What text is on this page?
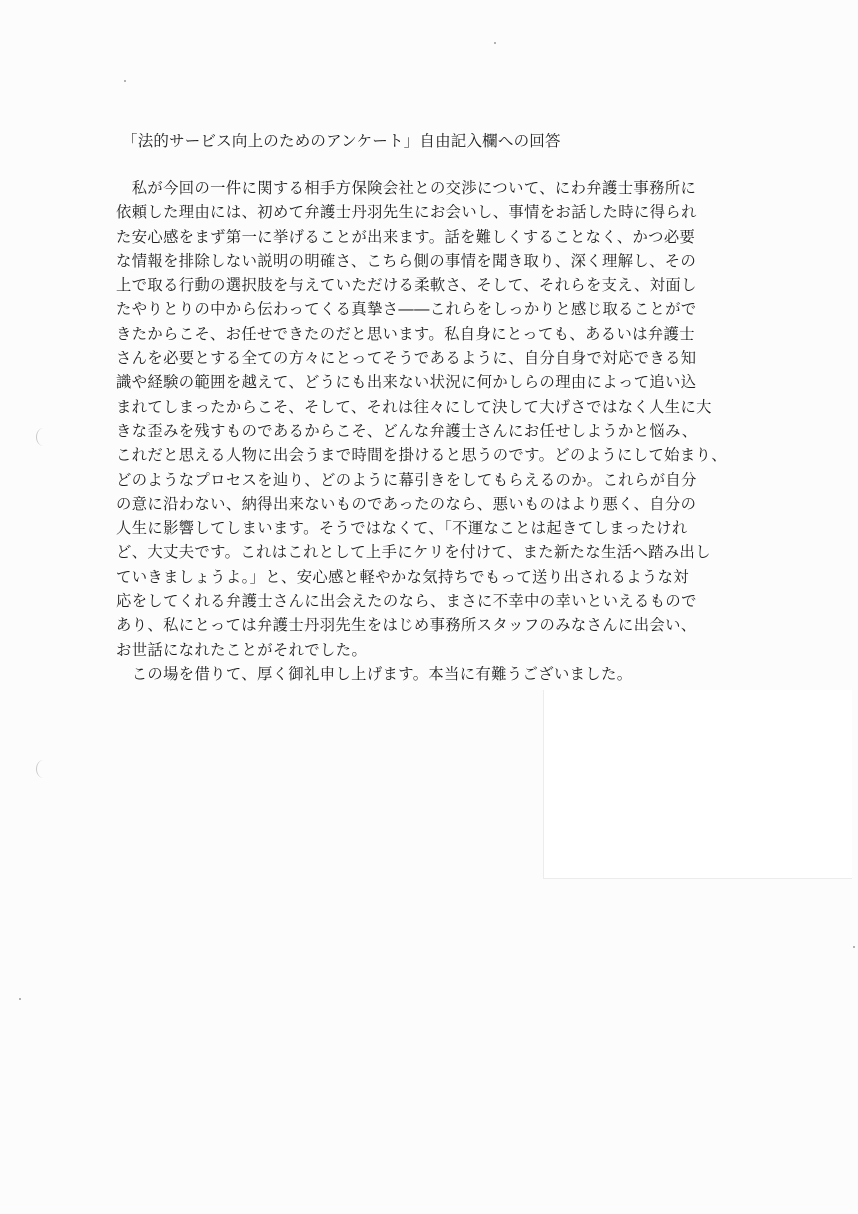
「法的サービス向上のためのアンケート」自由記入欄への回答
　私が今回の一件に関する相手方保険会社との交渉について、にわ弁護士事務所に
依頼した理由には、初めて弁護士丹羽先生にお会いし、事情をお話した時に得られ
た安心感をまず第一に挙げることが出来ます。話を難しくすることなく、かつ必要
な情報を排除しない説明の明確さ、こちら側の事情を聞き取り、深く理解し、その
上で取る行動の選択肢を与えていただける柔軟さ、そして、それらを支え、対面し
たやりとりの中から伝わってくる真摯さ――これらをしっかりと感じ取ることがで
きたからこそ、お任せできたのだと思います。私自身にとっても、あるいは弁護士
さんを必要とする全ての方々にとってそうであるように、自分自身で対応できる知
識や経験の範囲を越えて、どうにも出来ない状況に何かしらの理由によって追い込
まれてしまったからこそ、そして、それは往々にして決して大げさではなく人生に大
きな歪みを残すものであるからこそ、どんな弁護士さんにお任せしようかと悩み、
これだと思える人物に出会うまで時間を掛けると思うのです。どのようにして始まり、
どのようなプロセスを辿り、どのように幕引きをしてもらえるのか。これらが自分
の意に沿わない、納得出来ないものであったのなら、悪いものはより悪く、自分の
人生に影響してしまいます。そうではなくて、「不運なことは起きてしまったけれ
ど、大丈夫です。これはこれとして上手にケリを付けて、また新たな生活へ踏み出し
ていきましょうよ。」と、安心感と軽やかな気持ちでもって送り出されるような対
応をしてくれる弁護士さんに出会えたのなら、まさに不幸中の幸いといえるもので
あり、私にとっては弁護士丹羽先生をはじめ事務所スタッフのみなさんに出会い、
お世話になれたことがそれでした。
　この場を借りて、厚く御礼申し上げます。本当に有難うございました。
